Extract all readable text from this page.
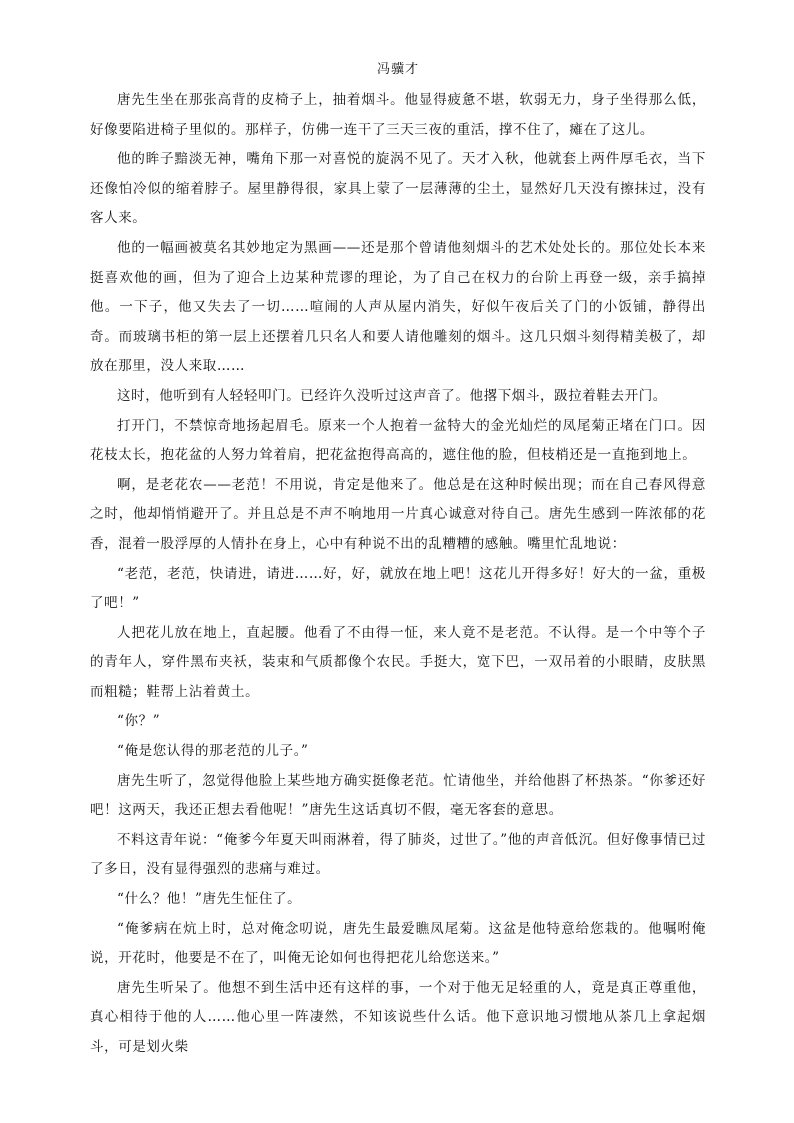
冯骥才

唐先生坐在那张高背的皮椅子上，抽着烟斗。他显得疲惫不堪，软弱无力，身子坐得那么低，好像要陷进椅子里似的。那样子，仿佛一连干了三天三夜的重活，撑不住了，瘫在了这儿。

他的眸子黯淡无神，嘴角下那一对喜悦的旋涡不见了。天才入秋，他就套上两件厚毛衣，当下还像怕冷似的缩着脖子。屋里静得很，家具上蒙了一层薄薄的尘土，显然好几天没有擦抹过，没有客人来。

他的一幅画被莫名其妙地定为黑画——还是那个曾请他刻烟斗的艺术处处长的。那位处长本来挺喜欢他的画，但为了迎合上边某种荒谬的理论，为了自己在权力的台阶上再登一级，亲手搞掉他。一下子，他又失去了一切……喧闹的人声从屋内消失，好似午夜后关了门的小饭铺，静得出奇。而玻璃书柜的第一层上还摆着几只名人和要人请他雕刻的烟斗。这几只烟斗刻得精美极了，却放在那里，没人来取……

这时，他听到有人轻轻叩门。已经许久没听过这声音了。他撂下烟斗，趿拉着鞋去开门。

打开门，不禁惊奇地扬起眉毛。原来一个人抱着一盆特大的金光灿烂的凤尾菊正堵在门口。因花枝太长，抱花盆的人努力耸着肩，把花盆抱得高高的，遮住他的脸，但枝梢还是一直拖到地上。

啊，是老花农——老范！不用说，肯定是他来了。他总是在这种时候出现；而在自己春风得意之时，他却悄悄避开了。并且总是不声不响地用一片真心诚意对待自己。唐先生感到一阵浓郁的花香，混着一股浮厚的人情扑在身上，心中有种说不出的乱糟糟的感触。嘴里忙乱地说：

“老范，老范，快请进，请进……好，好，就放在地上吧！这花儿开得多好！好大的一盆，重极了吧！”

人把花儿放在地上，直起腰。他看了不由得一怔，来人竟不是老范。不认得。是一个中等个子的青年人，穿件黑布夹袄，装束和气质都像个农民。手挺大，宽下巴，一双吊着的小眼睛，皮肤黑而粗糙；鞋帮上沾着黄土。

“你？”

“俺是您认得的那老范的儿子。”

唐先生听了，忽觉得他脸上某些地方确实挺像老范。忙请他坐，并给他斟了杯热茶。“你爹还好吧！这两天，我还正想去看他呢！”唐先生这话真切不假，毫无客套的意思。

不料这青年说：“俺爹今年夏天叫雨淋着，得了肺炎，过世了。”他的声音低沉。但好像事情已过了多日，没有显得强烈的悲痛与难过。

“什么？他！”唐先生怔住了。

“俺爹病在炕上时，总对俺念叨说，唐先生最爱瞧凤尾菊。这盆是他特意给您栽的。他嘱咐俺说，开花时，他要是不在了，叫俺无论如何也得把花儿给您送来。”

唐先生听呆了。他想不到生活中还有这样的事，一个对于他无足轻重的人，竟是真正尊重他，真心相待于他的人……他心里一阵凄然，不知该说些什么话。他下意识地习惯地从茶几上拿起烟斗，可是划火柴
